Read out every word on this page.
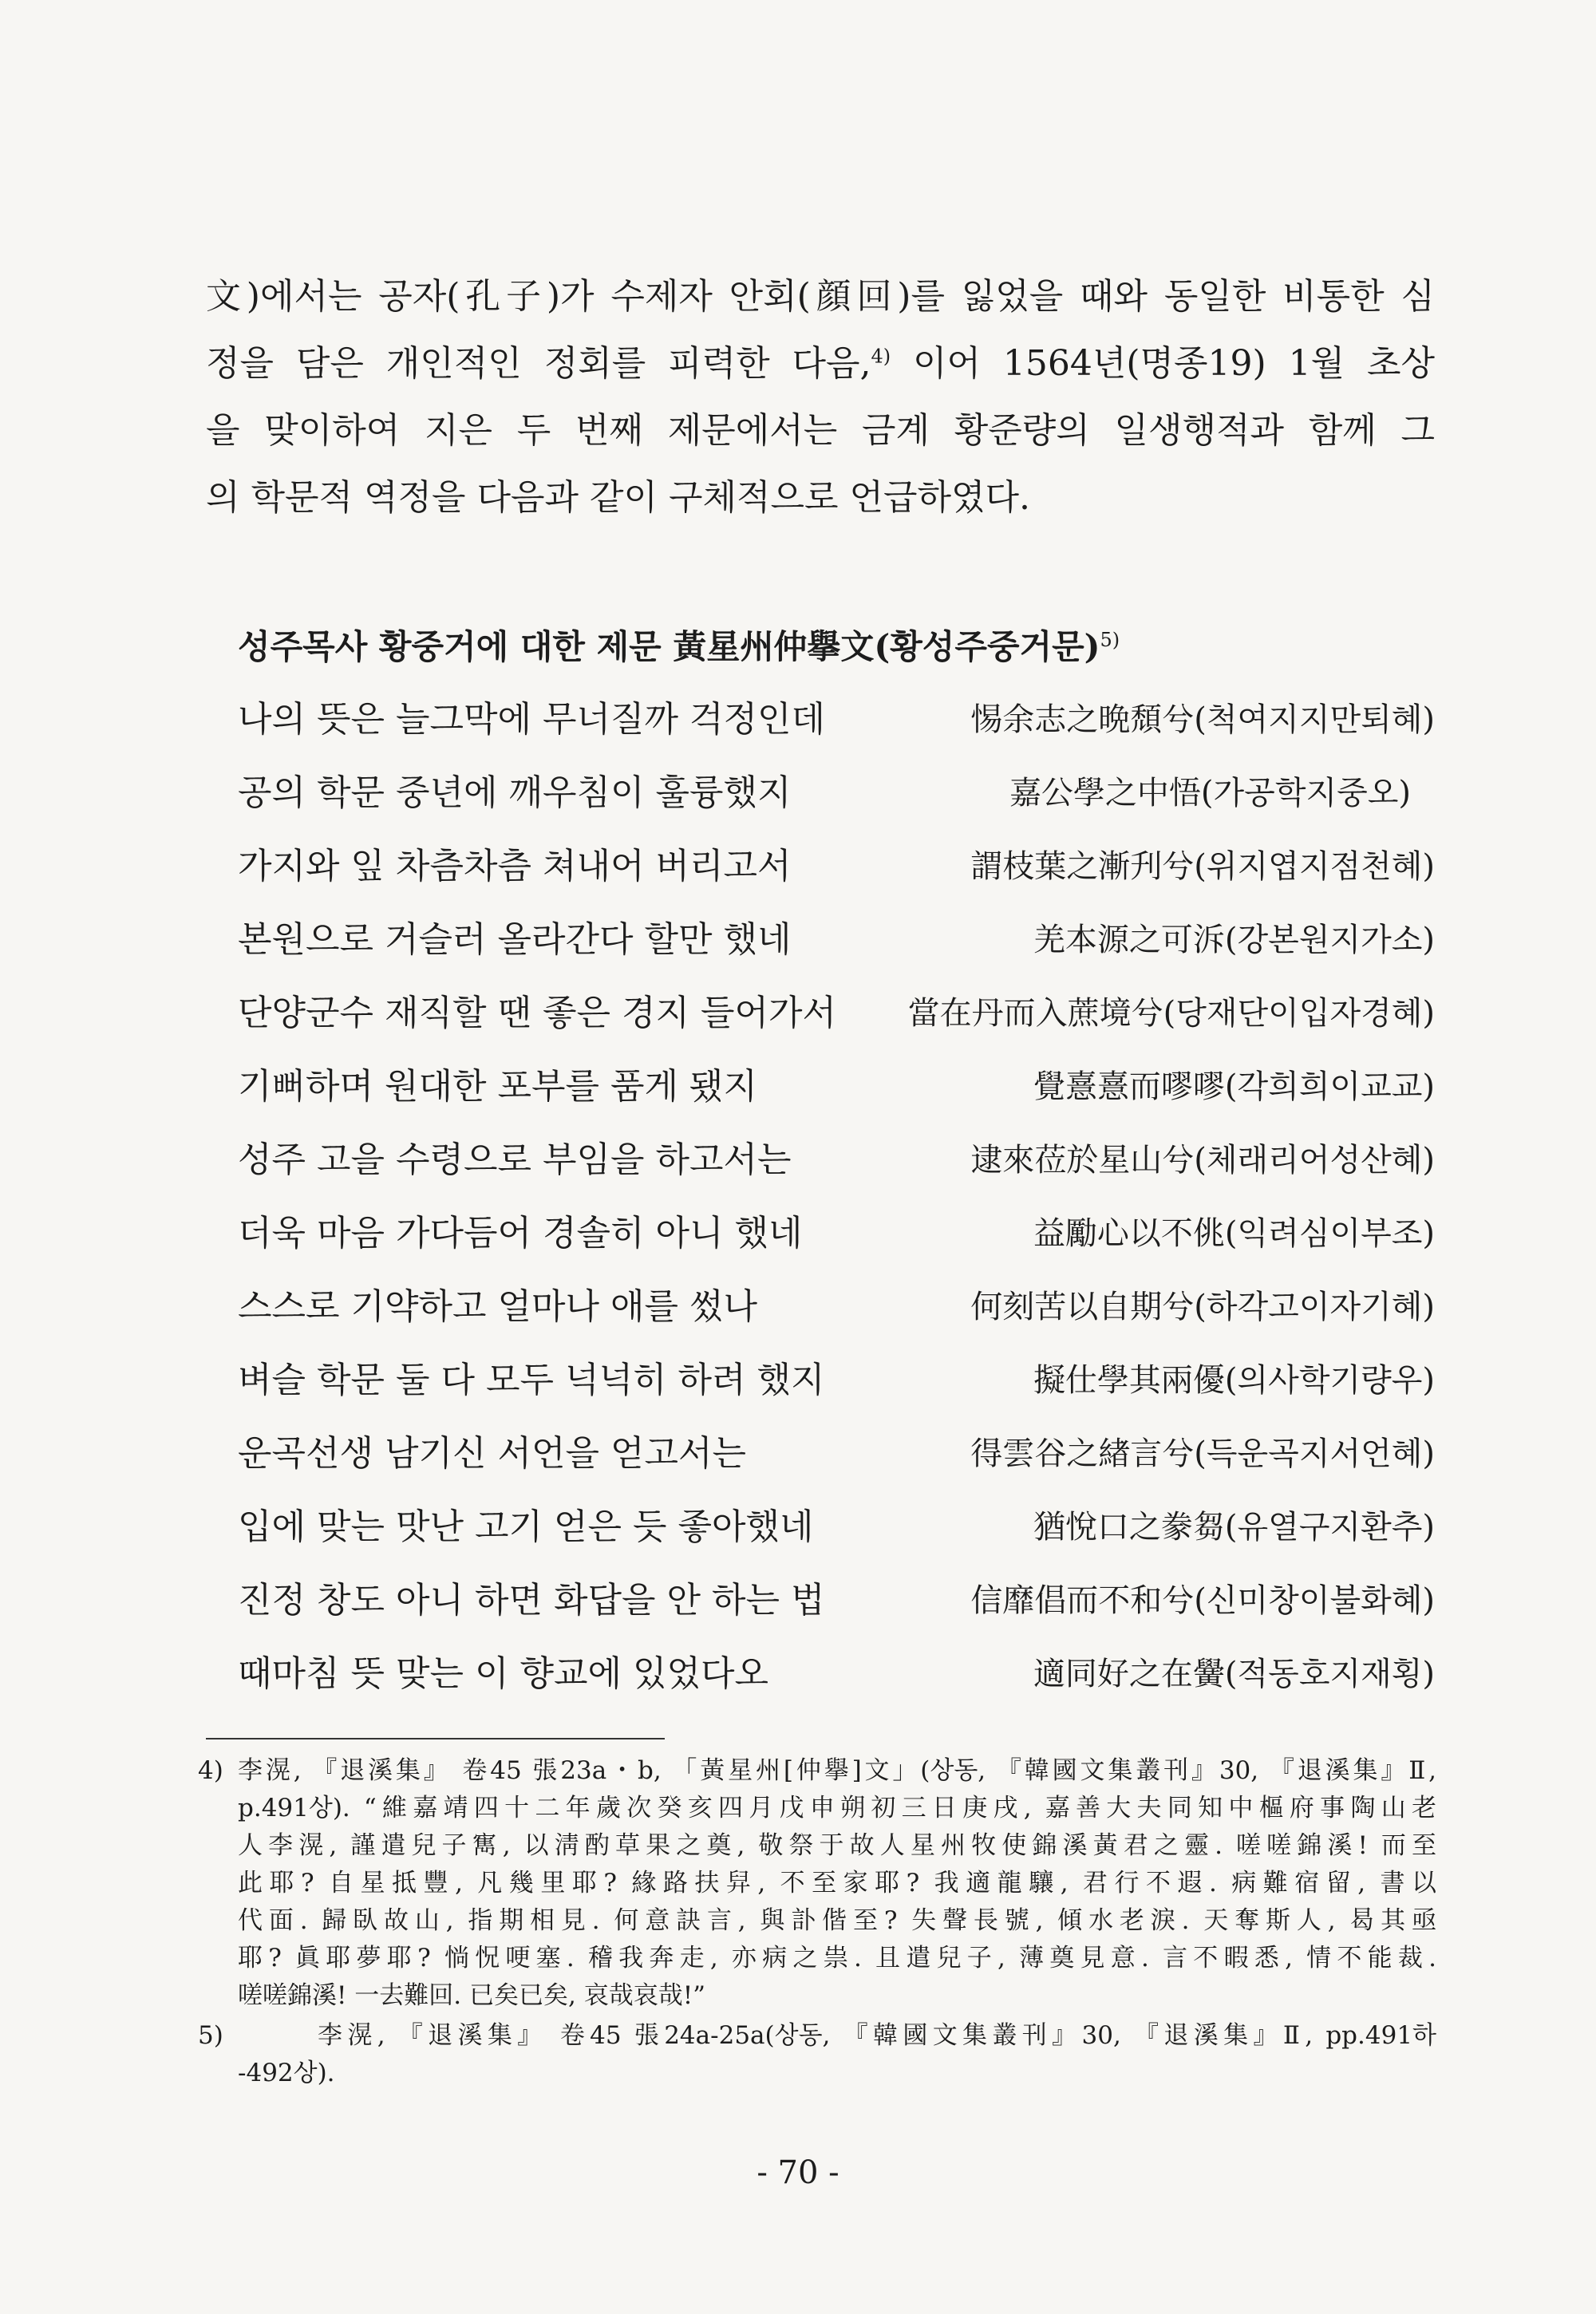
文)에서는 공자(孔子)가 수제자 안회(顔回)를 잃었을 때와 동일한 비통한 심
정을 담은 개인적인 정회를 피력한 다음,$^{4)}$ 이어 1564년(명종19) 1월 초상
을 맞이하여 지은 두 번째 제문에서는 금계 황준량의 일생행적과 함께 그
의 학문적 역정을 다음과 같이 구체적으로 언급하였다.
성주목사 황중거에 대한 제문 黃星州仲擧文(황성주중거문)$^{5)}$
나의 뜻은 늘그막에 무너질까 걱정인데	惕余志之晩頹兮(척여지지만퇴혜)
공의 학문 중년에 깨우침이 훌륭했지	嘉公學之中悟(가공학지중오)
가지와 잎 차츰차츰 쳐내어 버리고서	謂枝葉之漸刋兮(위지엽지점천혜)
본원으로 거슬러 올라간다 할만 했네	羌本源之可泝(강본원지가소)
단양군수 재직할 땐 좋은 경지 들어가서 當在丹而入蔗境兮(당재단이입자경혜)
기뻐하며 원대한 포부를 품게 됐지	覺憙憙而嘐嘐(각희희이교교)
성주 고을 수령으로 부임을 하고서는	逮來莅於星山兮(체래리어성산혜)
더욱 마음 가다듬어 경솔히 아니 했네	益勵心以不佻(익려심이부조)
스스로 기약하고 얼마나 애를 썼나	何刻苦以自期兮(하각고이자기혜)
벼슬 학문 둘 다 모두 넉넉히 하려 했지	擬仕學其兩優(의사학기량우)
운곡선생 남기신 서언을 얻고서는	得雲谷之緖言兮(득운곡지서언혜)
입에 맞는 맛난 고기 얻은 듯 좋아했네	猶悅口之豢芻(유열구지환추)
진정 창도 아니 하면 화답을 안 하는 법	信靡倡而不和兮(신미창이불화혜)
때마침 뜻 맞는 이 향교에 있었다오	適同好之在黌(적동호지재횡)
4) 李滉, 『退溪集』 卷45 張23a・b, 「黃星州[仲擧]文」(상동, 『韓國文集叢刊』30, 『退溪集』Ⅱ,
p.491상). “維嘉靖四十二年歲次癸亥四月戊申朔初三日庚戌, 嘉善大夫同知中樞府事陶山老
人李滉, 謹遣兒子寯, 以淸酌草果之奠, 敬祭于故人星州牧使錦溪黃君之靈. 嗟嗟錦溪! 而至
此耶? 自星抵豐, 凡幾里耶? 緣路扶舁, 不至家耶? 我適龍驤, 君行不遐. 病難宿留, 書以
代面. 歸臥故山, 指期相見. 何意訣言, 與訃偕至? 失聲長號, 傾水老淚. 天奪斯人, 曷其亟
耶? 眞耶夢耶? 惝怳哽塞. 稽我奔走, 亦病之祟. 且遣兒子, 薄奠見意. 言不暇悉, 情不能裁.
嗟嗟錦溪! 一去難回. 已矣已矣, 哀哉哀哉!”
5)	李滉, 『退溪集』 卷45 張24a-25a(상동, 『韓國文集叢刊』30, 『退溪集』Ⅱ, pp.491하
-492상).
- 70 -
